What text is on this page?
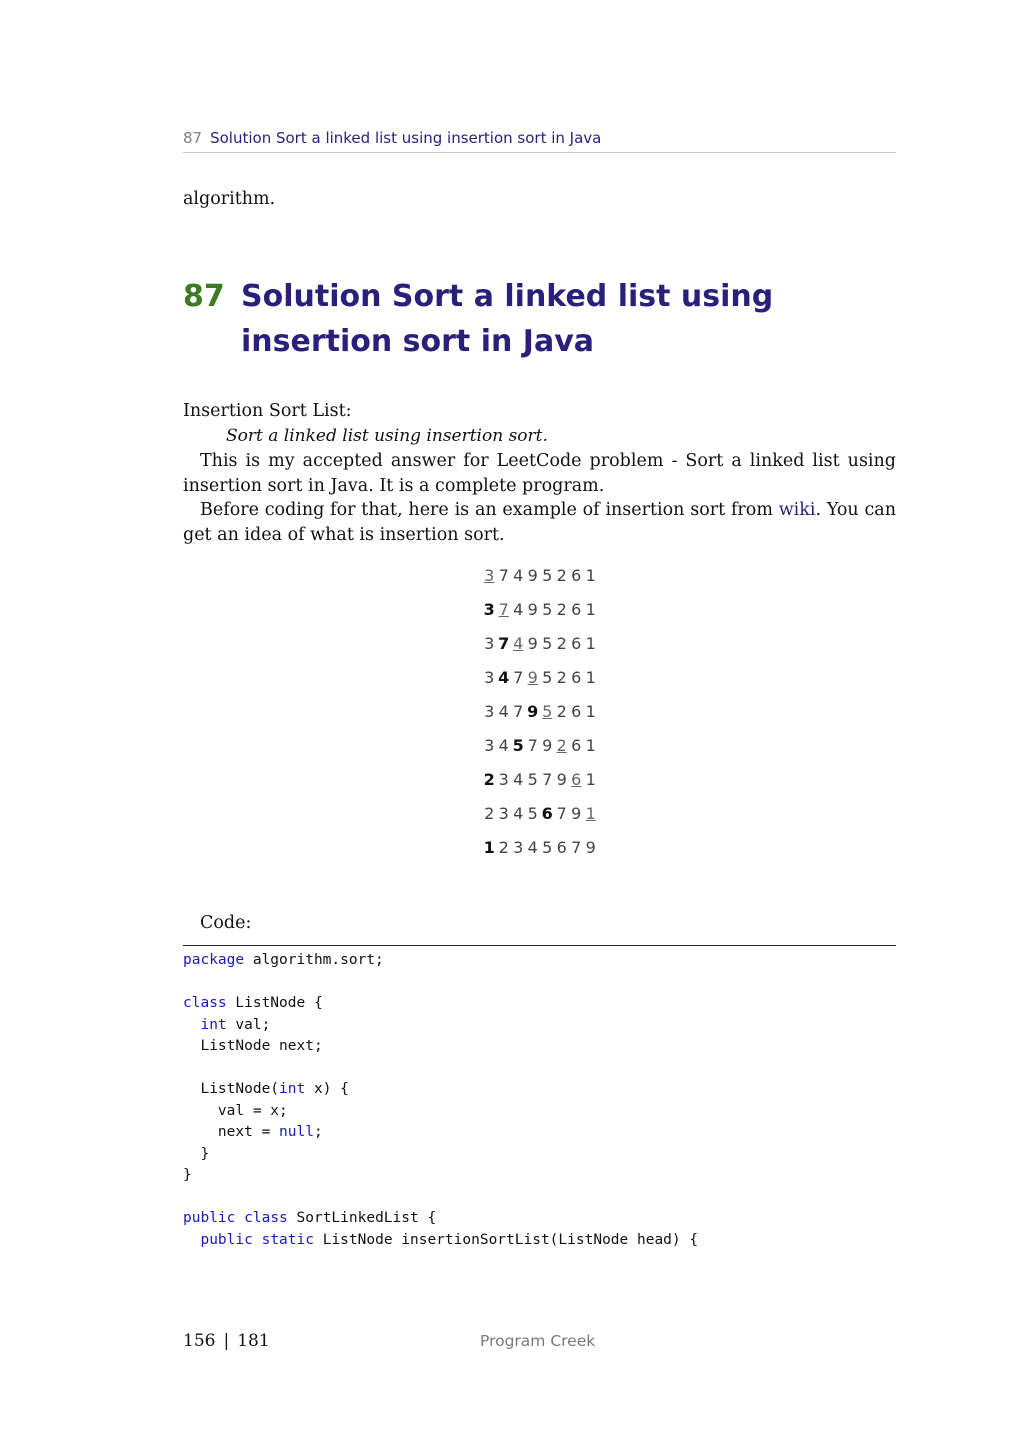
87 Solution Sort a linked list using insertion sort in Java
algorithm.
87 Solution Sort a linked list using insertion sort in Java
Insertion Sort List:
Sort a linked list using insertion sort.
This is my accepted answer for LeetCode problem - Sort a linked list using insertion sort in Java. It is a complete program.
Before coding for that, here is an example of insertion sort from wiki. You can get an idea of what is insertion sort.
3 7 4 9 5 2 6 1
3 7 4 9 5 2 6 1
3 7 4 9 5 2 6 1
3 4 7 9 5 2 6 1
3 4 7 9 5 2 6 1
3 4 5 7 9 2 6 1
2 3 4 5 7 9 6 1
2 3 4 5 6 7 9 1
1 2 3 4 5 6 7 9
Code:
package algorithm.sort;
class ListNode {
int val;
ListNode next;
ListNode(int x) {
val = x;
next = null;
}
}
public class SortLinkedList {
public static ListNode insertionSortList(ListNode head) {
156 | 181	Program Creek
